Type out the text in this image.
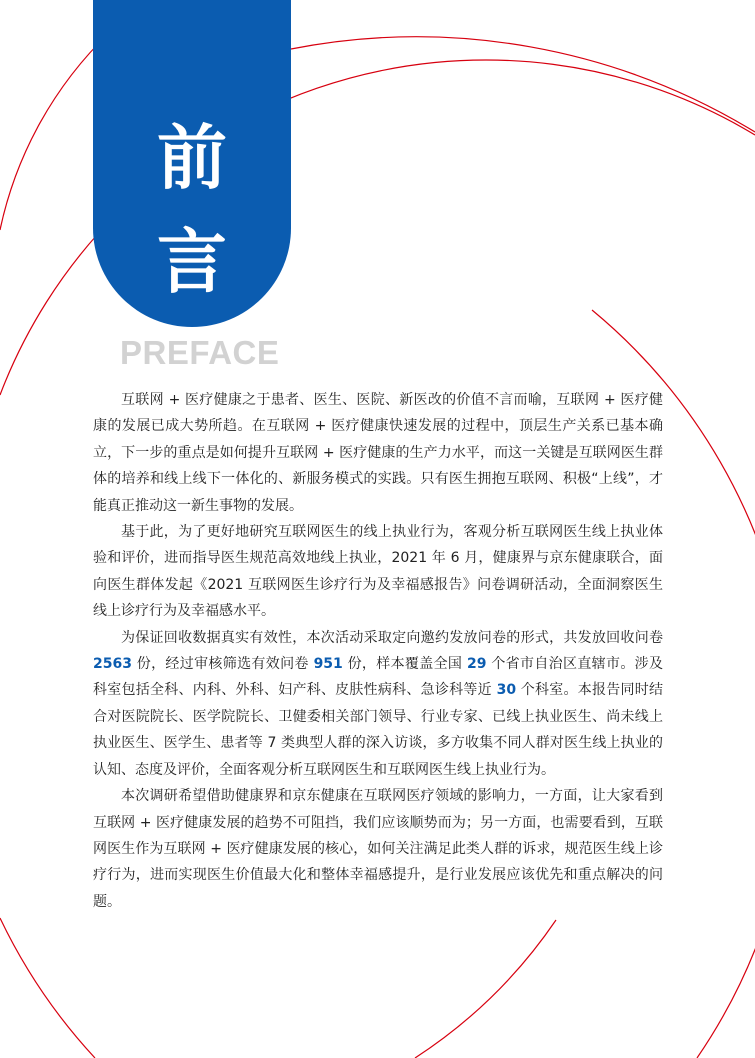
前
言
PREFACE

互联网 + 医疗健康之于患者、医生、医院、新医改的价值不言而喻，互联网 + 医疗健康的发展已成大势所趋。在互联网 + 医疗健康快速发展的过程中，顶层生产关系已基本确立，下一步的重点是如何提升互联网 + 医疗健康的生产力水平，而这一关键是互联网医生群体的培养和线上线下一体化的、新服务模式的实践。只有医生拥抱互联网、积极“上线”，才能真正推动这一新生事物的发展。

基于此，为了更好地研究互联网医生的线上执业行为，客观分析互联网医生线上执业体验和评价，进而指导医生规范高效地线上执业，2021 年 6 月，健康界与京东健康联合，面向医生群体发起《2021 互联网医生诊疗行为及幸福感报告》问卷调研活动，全面洞察医生线上诊疗行为及幸福感水平。

为保证回收数据真实有效性，本次活动采取定向邀约发放问卷的形式，共发放回收问卷 2563 份，经过审核筛选有效问卷 951 份，样本覆盖全国 29 个省市自治区直辖市。涉及科室包括全科、内科、外科、妇产科、皮肤性病科、急诊科等近 30 个科室。本报告同时结合对医院院长、医学院院长、卫健委相关部门领导、行业专家、已线上执业医生、尚未线上执业医生、医学生、患者等 7 类典型人群的深入访谈，多方收集不同人群对医生线上执业的认知、态度及评价，全面客观分析互联网医生和互联网医生线上执业行为。

本次调研希望借助健康界和京东健康在互联网医疗领域的影响力，一方面，让大家看到互联网 + 医疗健康发展的趋势不可阻挡，我们应该顺势而为；另一方面，也需要看到，互联网医生作为互联网 + 医疗健康发展的核心，如何关注满足此类人群的诉求，规范医生线上诊疗行为，进而实现医生价值最大化和整体幸福感提升，是行业发展应该优先和重点解决的问题。
